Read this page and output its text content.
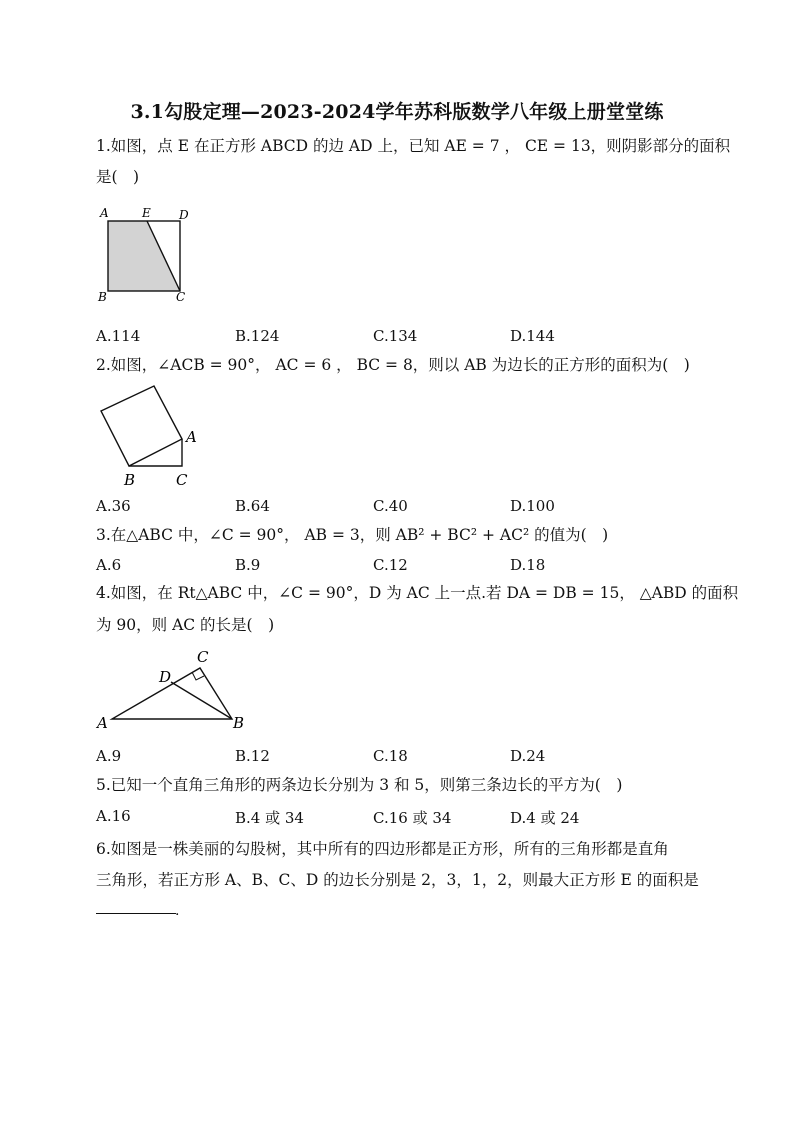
3.1勾股定理—2023-2024学年苏科版数学八年级上册堂堂练
1.如图，点 E 在正方形 ABCD 的边 AD 上，已知 AE = 7 ， CE = 13，则阴影部分的面积
是(　)
A	E D
B	C
A.114	B.124	C.134	D.144
2.如图，∠ACB = 90°， AC = 6 ， BC = 8，则以 AB 为边长的正方形的面积为(　)
A
B	C
A.36	B.64	C.40	D.100
3.在△ABC 中，∠C = 90°， AB = 3，则 AB² + BC² + AC² 的值为(　)
A.6	B.9	C.12	D.18
4.如图，在 Rt△ABC 中，∠C = 90°，D 为 AC 上一点.若 DA = DB = 15， △ABD 的面积
为 90，则 AC 的长是(　)
C
D
A	B
A.9	B.12	C.18	D.24
5.已知一个直角三角形的两条边长分别为 3 和 5，则第三条边长的平方为(　)
A.16	B.4 或 34	C.16 或 34	D.4 或 24
6.如图是一株美丽的勾股树，其中所有的四边形都是正方形，所有的三角形都是直角
三角形，若正方形 A、B、C、D 的边长分别是 2，3，1，2，则最大正方形 E 的面积是
.
